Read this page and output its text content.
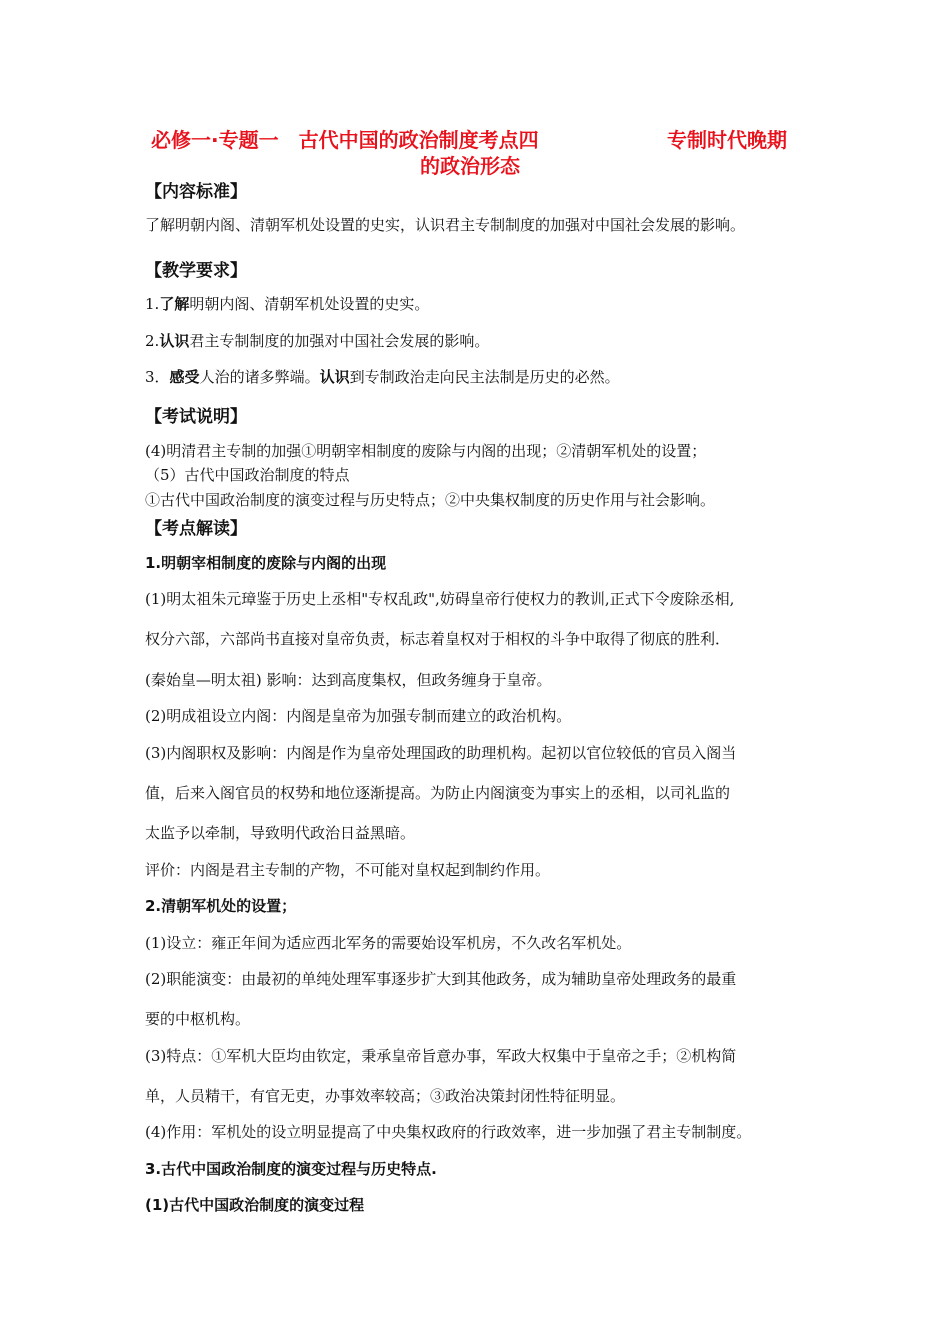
必修一·专题一　古代中国的政治制度考点四	专制时代晚期
的政治形态
【内容标准】
了解明朝内阁、清朝军机处设置的史实，认识君主专制制度的加强对中国社会发展的影响。
【教学要求】
1.了解明朝内阁、清朝军机处设置的史实。
2.认识君主专制制度的加强对中国社会发展的影响。
3．感受人治的诸多弊端。认识到专制政治走向民主法制是历史的必然。
【考试说明】
(4)明清君主专制的加强①明朝宰相制度的废除与内阁的出现；②清朝军机处的设置；
（5）古代中国政治制度的特点
①古代中国政治制度的演变过程与历史特点；②中央集权制度的历史作用与社会影响。
【考点解读】
1.明朝宰相制度的废除与内阁的出现
(1)明太祖朱元璋鉴于历史上丞相"专权乱政",妨碍皇帝行使权力的教训,正式下令废除丞相,
权分六部，六部尚书直接对皇帝负责，标志着皇权对于相权的斗争中取得了彻底的胜利．
(秦始皇—明太祖) 影响：达到高度集权，但政务缠身于皇帝。
(2)明成祖设立内阁：内阁是皇帝为加强专制而建立的政治机构。
(3)内阁职权及影响：内阁是作为皇帝处理国政的助理机构。起初以官位较低的官员入阁当
值，后来入阁官员的权势和地位逐渐提高。为防止内阁演变为事实上的丞相，以司礼监的
太监予以牵制，导致明代政治日益黑暗。
评价：内阁是君主专制的产物，不可能对皇权起到制约作用。
2.清朝军机处的设置；
(1)设立：雍正年间为适应西北军务的需要始设军机房，不久改名军机处。
(2)职能演变：由最初的单纯处理军事逐步扩大到其他政务，成为辅助皇帝处理政务的最重
要的中枢机构。
(3)特点：①军机大臣均由钦定，秉承皇帝旨意办事，军政大权集中于皇帝之手；②机构简
单，人员精干，有官无吏，办事效率较高；③政治决策封闭性特征明显。
(4)作用：军机处的设立明显提高了中央集权政府的行政效率，进一步加强了君主专制制度。
3.古代中国政治制度的演变过程与历史特点.
(1)古代中国政治制度的演变过程
